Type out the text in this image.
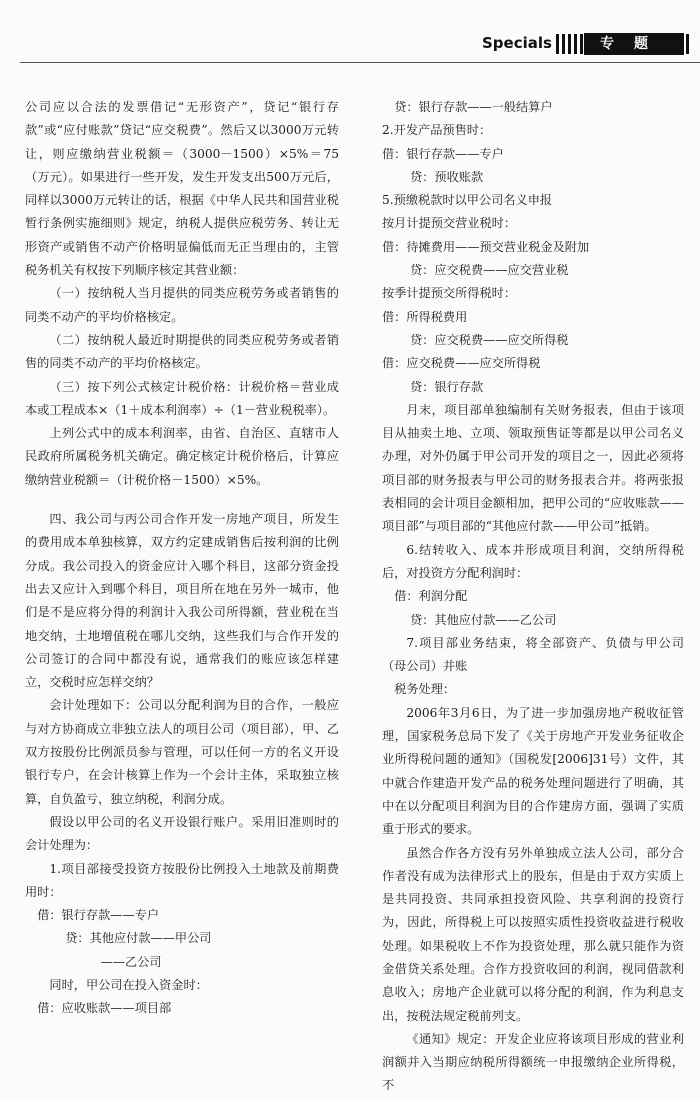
Specials	专题

公司应以合法的发票借记“无形资产”，贷记“银行存款”或“应付账款”贷记“应交税费”。然后又以3000万元转让，则应缴纳营业税额＝（3000－1500）×5%＝75（万元）。如果进行一些开发，发生开发支出500万元后，同样以3000万元转让的话，根据《中华人民共和国营业税暂行条例实施细则》规定，纳税人提供应税劳务、转让无形资产或销售不动产价格明显偏低而无正当理由的，主管税务机关有权按下列顺序核定其营业额：

（一）按纳税人当月提供的同类应税劳务或者销售的同类不动产的平均价格核定。

（二）按纳税人最近时期提供的同类应税劳务或者销售的同类不动产的平均价格核定。

（三）按下列公式核定计税价格：计税价格＝营业成本或工程成本×（1＋成本利润率）÷（1－营业税税率）。

上列公式中的成本利润率，由省、自治区、直辖市人民政府所属税务机关确定。确定核定计税价格后，计算应缴纳营业税额＝（计税价格－1500）×5%。

四、我公司与丙公司合作开发一房地产项目，所发生的费用成本单独核算，双方约定建成销售后按利润的比例分成。我公司投入的资金应计入哪个科目，这部分资金投出去又应计入到哪个科目，项目所在地在另外一城市，他们是不是应将分得的利润计入我公司所得额，营业税在当地交纳，土地增值税在哪儿交纳，这些我们与合作开发的公司签订的合同中都没有说，通常我们的账应该怎样建立，交税时应怎样交纳？

会计处理如下：公司以分配利润为目的合作，一般应与对方协商成立非独立法人的项目公司（项目部），甲、乙双方按股份比例派员参与管理，可以任何一方的名义开设银行专户，在会计核算上作为一个会计主体，采取独立核算，自负盈亏，独立纳税，利润分成。

假设以甲公司的名义开设银行账户。采用旧准则时的会计处理为：

1.项目部接受投资方按股份比例投入土地款及前期费用时：

借：银行存款——专户

贷：其他应付款——甲公司

——乙公司

同时，甲公司在投入资金时：

借：应收账款——项目部

贷：银行存款——一般结算户

2.开发产品预售时：

借：银行存款——专户

贷：预收账款

5.预缴税款时以甲公司名义申报

按月计提预交营业税时：

借：待摊费用——预交营业税金及附加

贷：应交税费——应交营业税

按季计提预交所得税时：

借：所得税费用

贷：应交税费——应交所得税

借：应交税费——应交所得税

贷：银行存款

月末，项目部单独编制有关财务报表，但由于该项目从抽卖土地、立项、领取预售证等都是以甲公司名义办理，对外仍属于甲公司开发的项目之一，因此必须将项目部的财务报表与甲公司的财务报表合并。将两张报表相同的会计项目金额相加，把甲公司的“应收账款——项目部”与项目部的“其他应付款——甲公司”抵销。

6.结转收入、成本并形成项目利润，交纳所得税后，对投资方分配利润时：

借：利润分配

贷：其他应付款——乙公司

7.项目部业务结束，将全部资产、负债与甲公司（母公司）并账

税务处理：

2006年3月6日，为了进一步加强房地产税收征管理，国家税务总局下发了《关于房地产开发业务征收企业所得税问题的通知》（国税发[2006]31号）文件，其中就合作建造开发产品的税务处理问题进行了明确，其中在以分配项目利润为目的合作建房方面，强调了实质重于形式的要求。

虽然合作各方没有另外单独成立法人公司，部分合作者没有成为法律形式上的股东，但是由于双方实质上是共同投资、共同承担投资风险、共享利润的投资行为，因此，所得税上可以按照实质性投资收益进行税收处理。如果税收上不作为投资处理，那么就只能作为资金借贷关系处理。合作方投资收回的利润，视同借款利息收入；房地产企业就可以将分配的利润，作为利息支出，按税法规定税前列支。

《通知》规定：开发企业应将该项目形成的营业利润额并入当期应纳税所得额统一申报缴纳企业所得税，不
